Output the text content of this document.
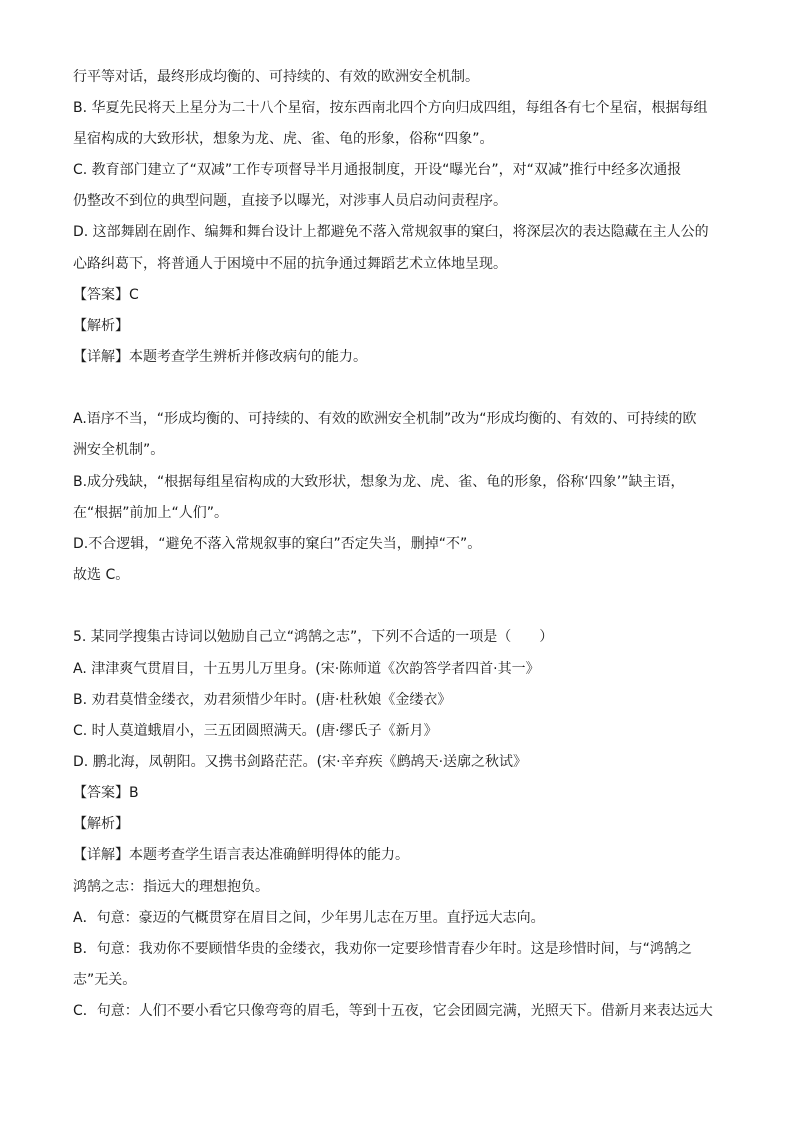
行平等对话，最终形成均衡的、可持续的、有效的欧洲安全机制。
B. 华夏先民将天上星分为二十八个星宿，按东西南北四个方向归成四组，每组各有七个星宿，根据每组
星宿构成的大致形状，想象为龙、虎、雀、龟的形象，俗称“四象”。
C. 教育部门建立了“双减”工作专项督导半月通报制度，开设“曝光台”，对“双减”推行中经多次通报
仍整改不到位的典型问题，直接予以曝光，对涉事人员启动问责程序。
D. 这部舞剧在剧作、编舞和舞台设计上都避免不落入常规叙事的窠臼，将深层次的表达隐藏在主人公的
心路纠葛下，将普通人于困境中不屈的抗争通过舞蹈艺术立体地呈现。
【答案】C
【解析】
【详解】本题考查学生辨析并修改病句的能力。
A.语序不当，“形成均衡的、可持续的、有效的欧洲安全机制”改为“形成均衡的、有效的、可持续的欧
洲安全机制”。
B.成分残缺，“根据每组星宿构成的大致形状，想象为龙、虎、雀、龟的形象，俗称‘四象’”缺主语，
在“根据”前加上“人们”。
D.不合逻辑，“避免不落入常规叙事的窠臼”否定失当，删掉“不”。
故选 C。
5. 某同学搜集古诗词以勉励自己立“鸿鹄之志”，下列不合适的一项是（　　）
A. 津津爽气贯眉目，十五男儿万里身。(宋·陈师道《次韵答学者四首·其一》
B. 劝君莫惜金缕衣，劝君须惜少年时。(唐·杜秋娘《金缕衣》
C. 时人莫道蛾眉小，三五团圆照满天。(唐·缪氏子《新月》
D. 鹏北海，凤朝阳。又携书剑路茫茫。(宋·辛弃疾《鹧鸪天·送廓之秋试》
【答案】B
【解析】
【详解】本题考查学生语言表达准确鲜明得体的能力。
鸿鹄之志：指远大的理想抱负。
A．句意：豪迈的气概贯穿在眉目之间，少年男儿志在万里。直抒远大志向。
B．句意：我劝你不要顾惜华贵的金缕衣，我劝你一定要珍惜青春少年时。这是珍惜时间，与“鸿鹄之
志”无关。
C．句意：人们不要小看它只像弯弯的眉毛，等到十五夜，它会团圆完满，光照天下。借新月来表达远大
